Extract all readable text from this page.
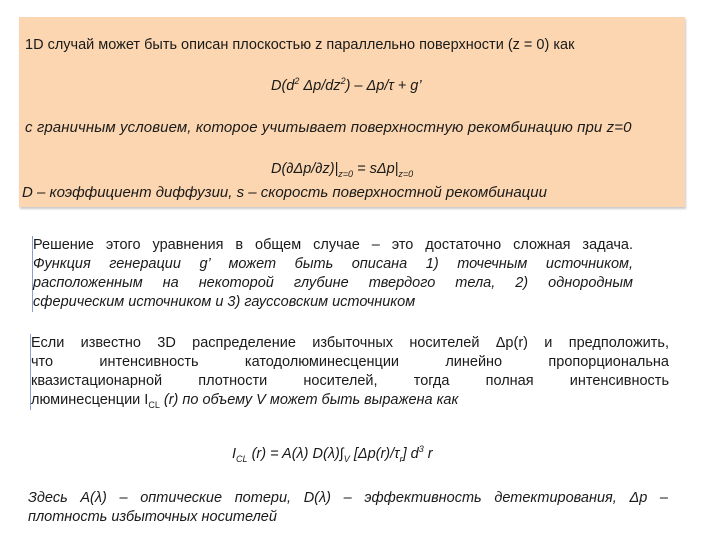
1D случай может быть описан плоскостью z параллельно поверхности (z = 0) как
$D(d^2$ $\Delta p/dz^2) - \Delta p/\tau + g$’
с граничным условием, которое учитывает поверхностную рекомбинацию при z=0
$D(\partial\Delta p/\partial z)|_{z=0} = s\Delta p|_{z=0}$
D – коэффициент диффузии, s – скорость поверхностной рекомбинации
Решение этого уравнения в общем случае – это достаточно сложная задача.
Функция генерации g’ может быть описана 1) точечным источником,
расположенным на некоторой глубине твердого тела, 2) однородным
сферическим источником и 3) гауссовским источником
Если известно 3D распределение избыточных носителей Δp(r) и предположить,
что интенсивность катодолюминесценции линейно пропорциональна
квазистационарной плотности носителей, тогда полная интенсивность
люминесценции $I_{CL}$ (r) по объему V может быть выражена как
$I_{CL}$ (r) = A(λ) $D(\lambda)\int_V$ $[\Delta p(r)/\tau_r]$ $d^3$ r
Здесь A(λ) – оптические потери, D(λ) – эффективность детектирования, Δp –
плотность избыточных носителей
